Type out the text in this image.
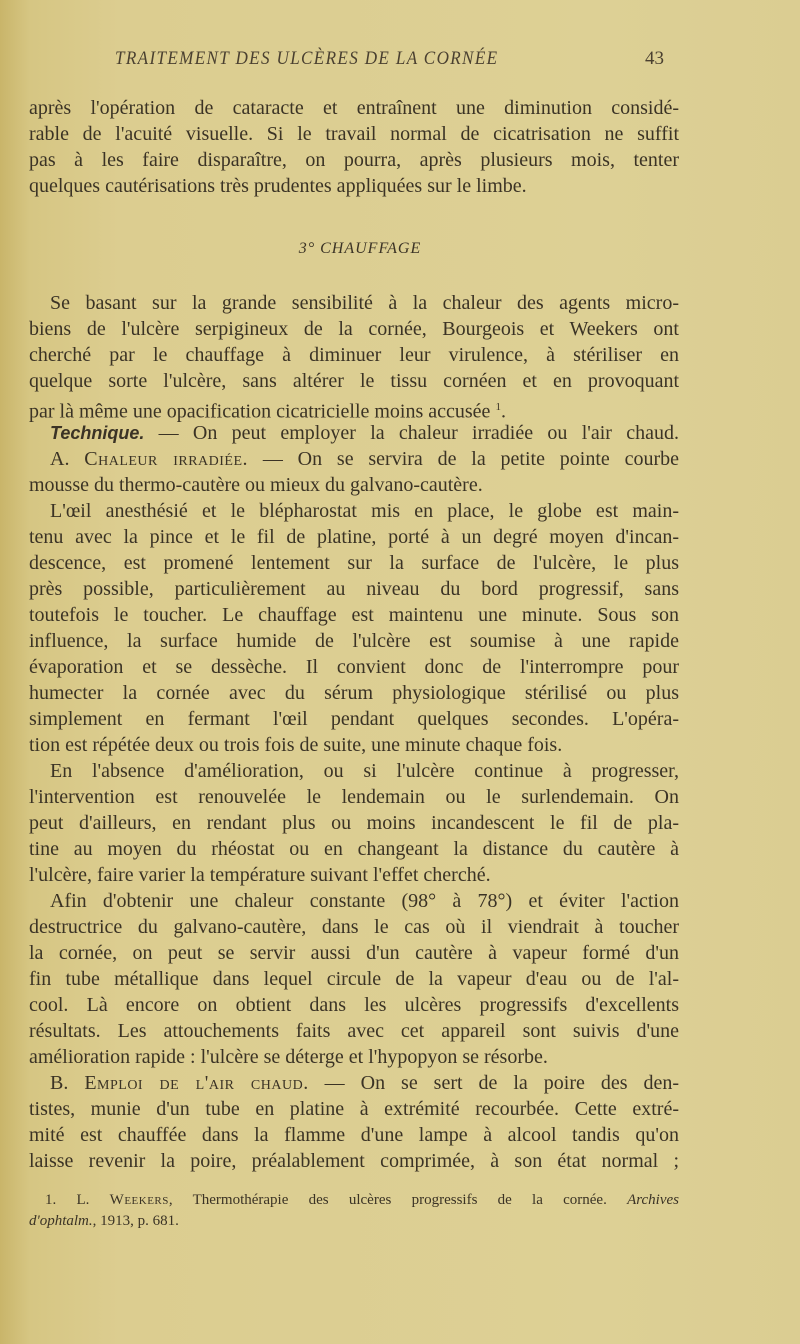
TRAITEMENT DES ULCÈRES DE LA CORNÉE	43
après l'opération de cataracte et entraînent une diminution considé-
rable de l'acuité visuelle. Si le travail normal de cicatrisation ne suffit
pas à les faire disparaître, on pourra, après plusieurs mois, tenter
quelques cautérisations très prudentes appliquées sur le limbe.
3° CHAUFFAGE
Se basant sur la grande sensibilité à la chaleur des agents micro-
biens de l'ulcère serpigineux de la cornée, Bourgeois et Weekers ont
cherché par le chauffage à diminuer leur virulence, à stériliser en
quelque sorte l'ulcère, sans altérer le tissu cornéen et en provoquant
par là même une opacification cicatricielle moins accusée $^1$.
Technique. — On peut employer la chaleur irradiée ou l'air chaud.
A. Chaleur irradiée. — On se servira de la petite pointe courbe
mousse du thermo-cautère ou mieux du galvano-cautère.
L'œil anesthésié et le blépharostat mis en place, le globe est main-
tenu avec la pince et le fil de platine, porté à un degré moyen d'incan-
descence, est promené lentement sur la surface de l'ulcère, le plus
près possible, particulièrement au niveau du bord progressif, sans
toutefois le toucher. Le chauffage est maintenu une minute. Sous son
influence, la surface humide de l'ulcère est soumise à une rapide
évaporation et se dessèche. Il convient donc de l'interrompre pour
humecter la cornée avec du sérum physiologique stérilisé ou plus
simplement en fermant l'œil pendant quelques secondes. L'opéra-
tion est répétée deux ou trois fois de suite, une minute chaque fois.
En l'absence d'amélioration, ou si l'ulcère continue à progresser,
l'intervention est renouvelée le lendemain ou le surlendemain. On
peut d'ailleurs, en rendant plus ou moins incandescent le fil de pla-
tine au moyen du rhéostat ou en changeant la distance du cautère à
l'ulcère, faire varier la température suivant l'effet cherché.
Afin d'obtenir une chaleur constante (98° à 78°) et éviter l'action
destructrice du galvano-cautère, dans le cas où il viendrait à toucher
la cornée, on peut se servir aussi d'un cautère à vapeur formé d'un
fin tube métallique dans lequel circule de la vapeur d'eau ou de l'al-
cool. Là encore on obtient dans les ulcères progressifs d'excellents
résultats. Les attouchements faits avec cet appareil sont suivis d'une
amélioration rapide : l'ulcère se déterge et l'hypopyon se résorbe.
B. Emploi de l'air chaud. — On se sert de la poire des den-
tistes, munie d'un tube en platine à extrémité recourbée. Cette extré-
mité est chauffée dans la flamme d'une lampe à alcool tandis qu'on
laisse revenir la poire, préalablement comprimée, à son état normal ;
1. L. Weekers, Thermothérapie des ulcères progressifs de la cornée. Archives
d'ophtalm., 1913, p. 681.
